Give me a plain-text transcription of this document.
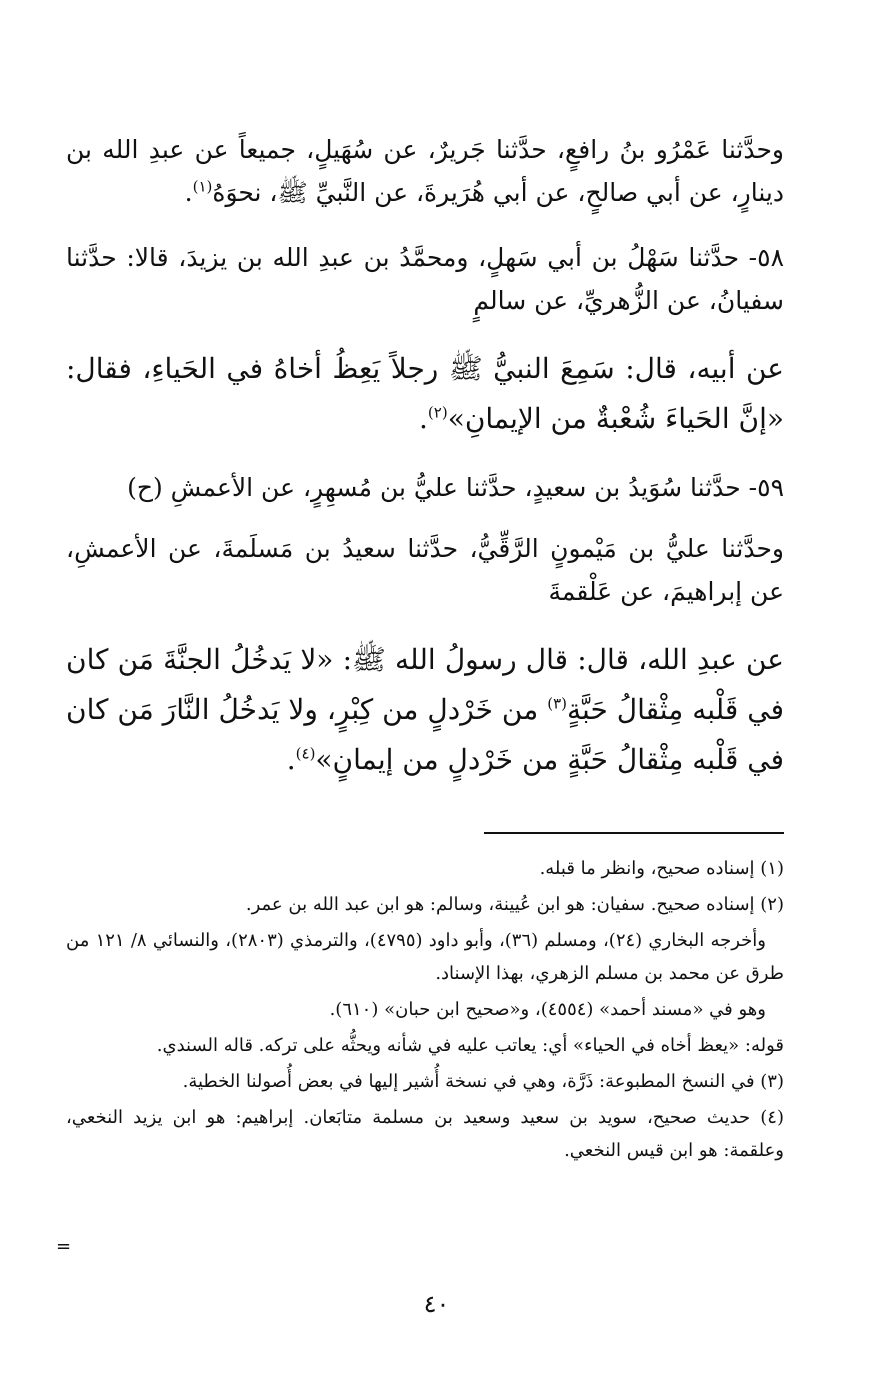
وحدَّثنا عَمْرُو بنُ رافعٍ، حدَّثنا جَريرٌ، عن سُهَيلٍ، جميعاً عن عبدِ الله بن دينارٍ، عن أبي صالحٍ، عن أبي هُرَيرةَ، عن النَّبيِّ ﷺ، نحوَهُ$^{(١)}$.

٥٨- حدَّثنا سَهْلُ بن أبي سَهلٍ، ومحمَّدُ بن عبدِ الله بن يزيدَ، قالا: حدَّثنا سفيانُ، عن الزُّهريِّ، عن سالمٍ

عن أبيه، قال: سَمِعَ النبيُّ ﷺ رجلاً يَعِظُ أخاهُ في الحَياءِ، فقال: «إنَّ الحَياءَ شُعْبةٌ من الإيمانِ»$^{(٢)}$.

٥٩- حدَّثنا سُوَيدُ بن سعيدٍ، حدَّثنا عليُّ بن مُسهِرٍ، عن الأعمشِ (ح)

وحدَّثنا عليُّ بن مَيْمونٍ الرَّقِّيُّ، حدَّثنا سعيدُ بن مَسلَمةَ، عن الأعمشِ، عن إبراهيمَ، عن عَلْقمةَ

عن عبدِ الله، قال: قال رسولُ الله ﷺ: «لا يَدخُلُ الجنَّةَ مَن كان في قَلْبه مِثْقالُ حَبَّةٍ$^{(٣)}$ من خَرْدلٍ من كِبْرٍ، ولا يَدخُلُ النَّارَ مَن كان في قَلْبه مِثْقالُ حَبَّةٍ من خَرْدلٍ من إيمانٍ»$^{(٤)}$.

(١) إسناده صحيح، وانظر ما قبله.

(٢) إسناده صحيح. سفيان: هو ابن عُيينة، وسالم: هو ابن عبد الله بن عمر.

وأخرجه البخاري (٢٤)، ومسلم (٣٦)، وأبو داود (٤٧٩٥)، والترمذي (٢٨٠٣)، والنسائي ٨/ ١٢١ من طرق عن محمد بن مسلم الزهري، بهذا الإسناد.

وهو في «مسند أحمد» (٤٥٥٤)، و«صحيح ابن حبان» (٦١٠).

قوله: «يعظ أخاه في الحياء» أي: يعاتب عليه في شأنه ويحثُّه على تركه. قاله السندي.

(٣) في النسخ المطبوعة: ذَرَّة، وهي في نسخة أُشير إليها في بعض أُصولنا الخطية.

(٤) حديث صحيح، سويد بن سعيد وسعيد بن مسلمة متابَعان. إبراهيم: هو ابن يزيد النخعي، وعلقمة: هو ابن قيس النخعي.

=
٤٠
